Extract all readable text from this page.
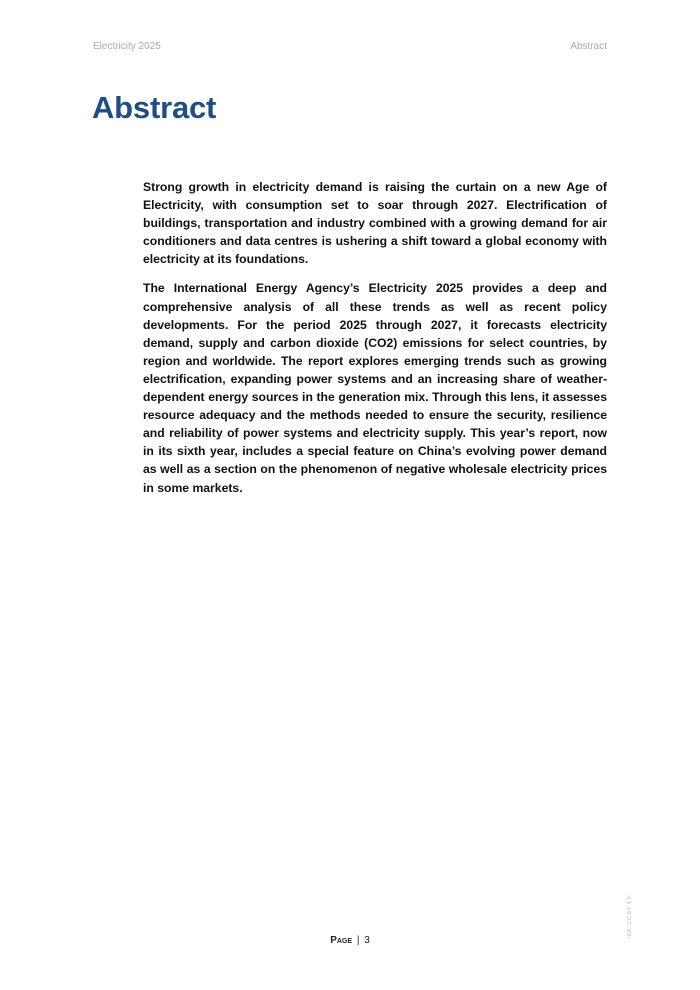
Electricity 2025	Abstract
Abstract

Strong growth in electricity demand is raising the curtain on a new Age of Electricity, with consumption set to soar through 2027. Electrification of buildings, transportation and industry combined with a growing demand for air conditioners and data centres is ushering a shift toward a global economy with electricity at its foundations.

The International Energy Agency’s Electricity 2025 provides a deep and comprehensive analysis of all these trends as well as recent policy developments. For the period 2025 through 2027, it forecasts electricity demand, supply and carbon dioxide (CO2) emissions for select countries, by region and worldwide. The report explores emerging trends such as growing electrification, expanding power systems and an increasing share of weather-dependent energy sources in the generation mix. Through this lens, it assesses resource adequacy and the methods needed to ensure the security, resilience and reliability of power systems and electricity supply. This year’s report, now in its sixth year, includes a special feature on China’s evolving power demand as well as a section on the phenomenon of negative wholesale electricity prices in some markets.

Page | 3
IEA. CC BY 4.0.
